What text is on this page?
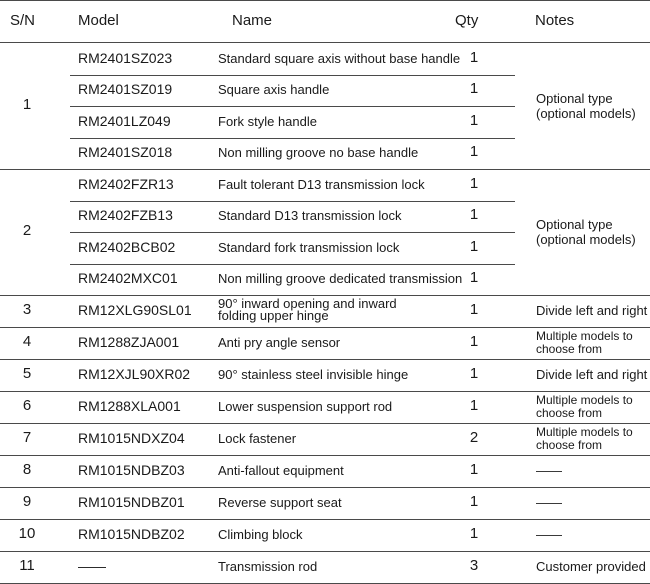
S/N	Model	Name	Qty	Notes
RM2401SZ023	Standard square axis without base handle 1
RM2401SZ019	Square axis handle	1
RM2401LZ049	Fork style handle	1
RM2401SZ018	Non milling groove no base handle	1
1	Optional type
(optional models)
RM2402FZR13	Fault tolerant D13 transmission lock	1
RM2402FZB13	Standard D13 transmission lock	1
RM2402BCB02	Standard fork transmission lock	1
RM2402MXC01	Non milling groove dedicated transmission 1
2	Optional type
(optional models)
3	RM12XLG90SL01 90° inward opening and inward
folding upper hinge	1	Divide left and right
4	RM1288ZJA001	Anti pry angle sensor	1	Multiple models to
choose from
5	RM12XJL90XR02 90° stainless steel invisible hinge	1	Divide left and right
6	RM1288XLA001	Lower suspension support rod	1	Multiple models to
choose from
7	RM1015NDXZ04	Lock fastener	2	Multiple models to
choose from
8	RM1015NDBZ03	Anti-fallout equipment	1	——
9	RM1015NDBZ01	Reverse support seat	1	——
10	RM1015NDBZ02	Climbing block	1	——
11	——	Transmission rod	3	Customer provided
